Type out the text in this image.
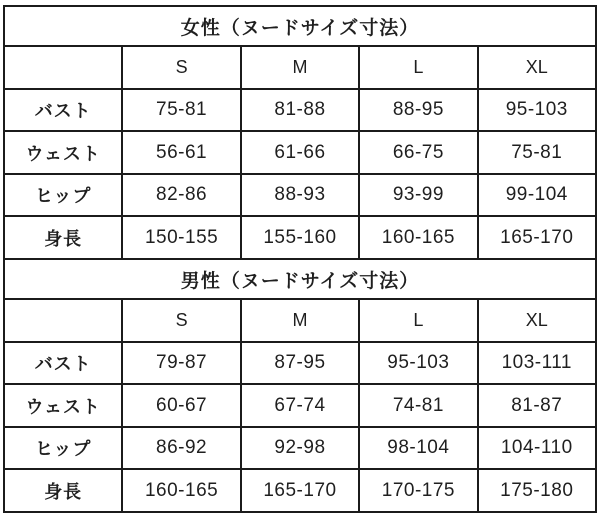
女性（ヌードサイズ寸法）				
	S	M	L	XL
バスト	75-81	81-88	88-95	95-103
ウェスト	56-61	61-66	66-75	75-81
ヒップ	82-86	88-93	93-99	99-104
身長	150-155	155-160	160-165	165-170
男性（ヌードサイズ寸法）				
	S	M	L	XL
バスト	79-87	87-95	95-103	103-111
ウェスト	60-67	67-74	74-81	81-87
ヒップ	86-92	92-98	98-104	104-110
身長	160-165	165-170	170-175	175-180
